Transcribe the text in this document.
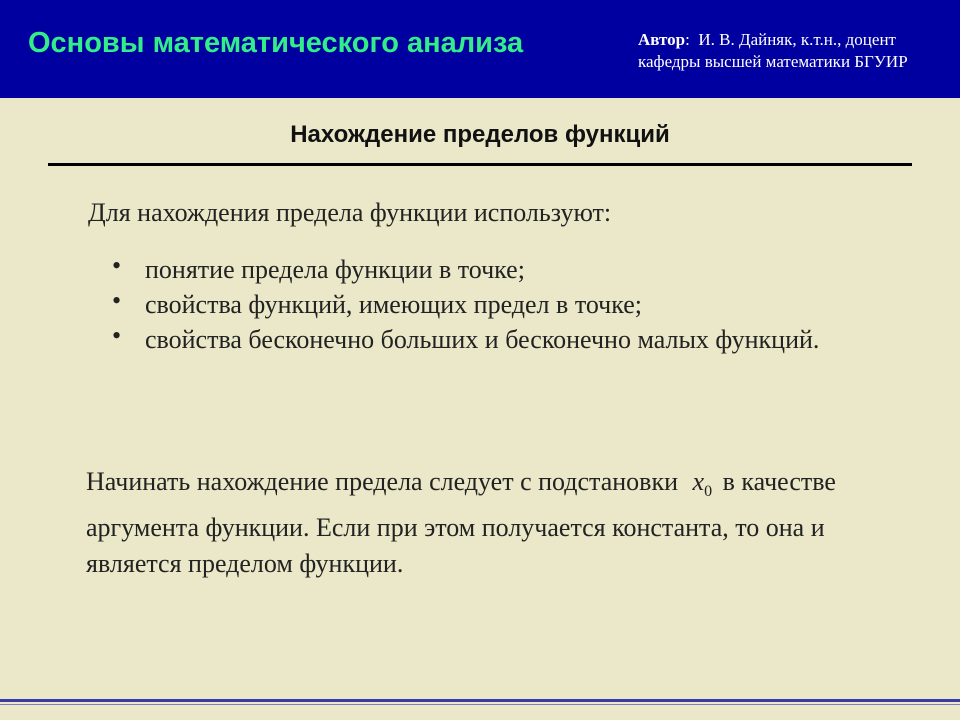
Основы математического анализа	Автор:  И. В. Дайняк, к.т.н., доцент
кафедры высшей математики БГУИР
Нахождение пределов функций
Для нахождения предела функции используют:
• понятие предела функции в точке;
• свойства функций, имеющих предел в точке;
• свойства бесконечно больших и бесконечно малых функций.
Начинать нахождение предела следует с подстановки $x_0$ в качестве аргумента функции. Если при этом получается константа, то она и является пределом функции.
